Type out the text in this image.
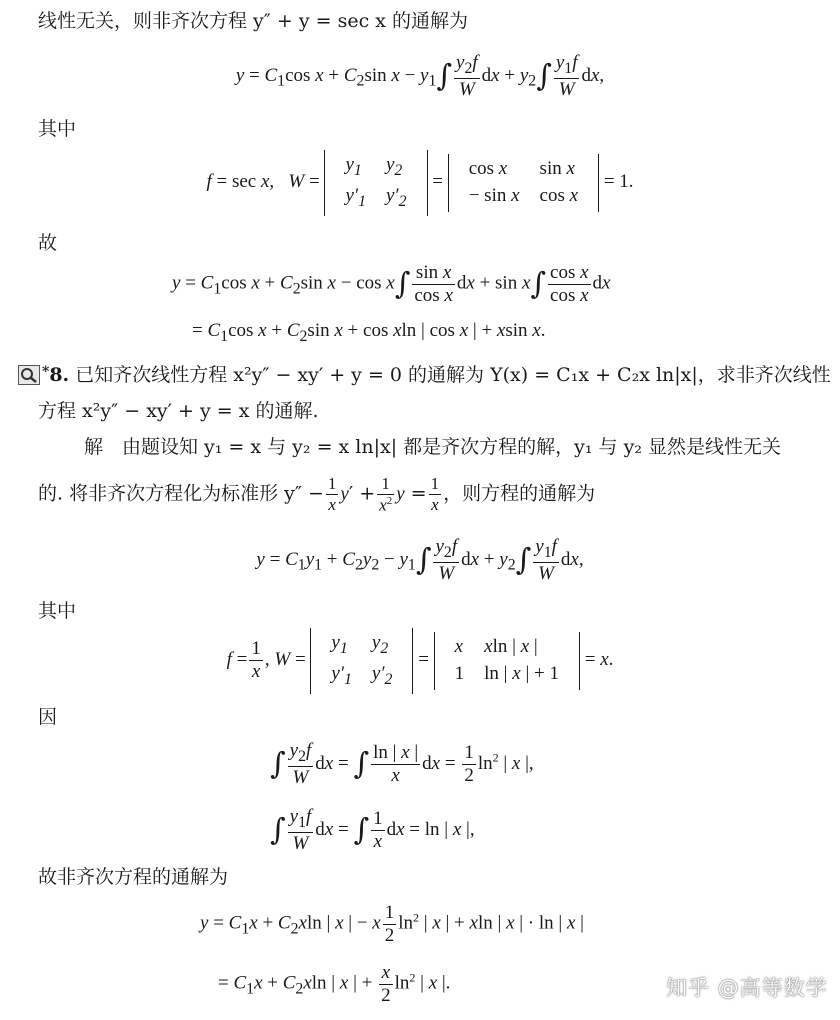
线性无关，则非齐次方程 y″ + y = sec x 的通解为
$y = C_1\cos$ $x + C_2\sin$ $x - y_1\int \frac{y_2f}{W}$ dx + $y_2\int \frac{y_1f}{W}$ dx,
其中
f = sec x,   W =
$y_1$	$y_2$
$y'_1$	$y'_2$
=
cos x	sin x
− sin x	cos x
= 1.
故
$y = C_1\cos$ $x + C_2\sin$ $x - \cos x\int \frac{\text{sin x}}{\text{cos x}}$ dx + $\sin x\int \frac{\text{cos x}}{\text{cos x}}$ dx
= $C_1\cos$ $x + C_2\sin$ x + cos xln | cos x | + xsin x.
*8. 已知齐次线性方程 x²y″ − xy′ + y = 0 的通解为 Y(x) = C₁x + C₂x ln|x|，求非齐次线性
方程 x²y″ − xy′ + y = x 的通解.
解　由题设知 y₁ = x 与 y₂ = x ln|x| 都是齐次方程的解，y₁ 与 y₂ 显然是线性无关
的. 将非齐次方程化为标准形 $y'' - \frac{1}{x} y' + \frac{1}{x^2}$ $y = \frac{1}{x}$ ，则方程的通解为
$y = C_1y_1 + C_2y_2 - y_1\int \frac{y_2f}{W}$ dx + $y_2\int \frac{y_1f}{W}$ dx,
其中
$f = \frac{1}{x}$ , W =
$y_1$	$y_2$
$y'_1$	$y'_2$
=
x	xln | x |
1	ln | x | + 1
= x.
因
∫ $\frac{y_2f}{W}$ dx = ∫ $\frac{\ln | x |}{x}$ dx = $\frac{1}{2} \ln^2$ | x |,
∫ $\frac{y_1f}{W}$ dx = ∫ $\frac{1}{x}$ dx = ln | x |,
故非齐次方程的通解为
$y = C_1x + C_2xln$ | x | − x $\frac{1}{2} \ln^2$ | x | + xln | x | · ln | x |
= $C_1x + C_2xln$ | x | + $\frac{x}{2} \ln^2$ | x |.	知乎 @高等数学
